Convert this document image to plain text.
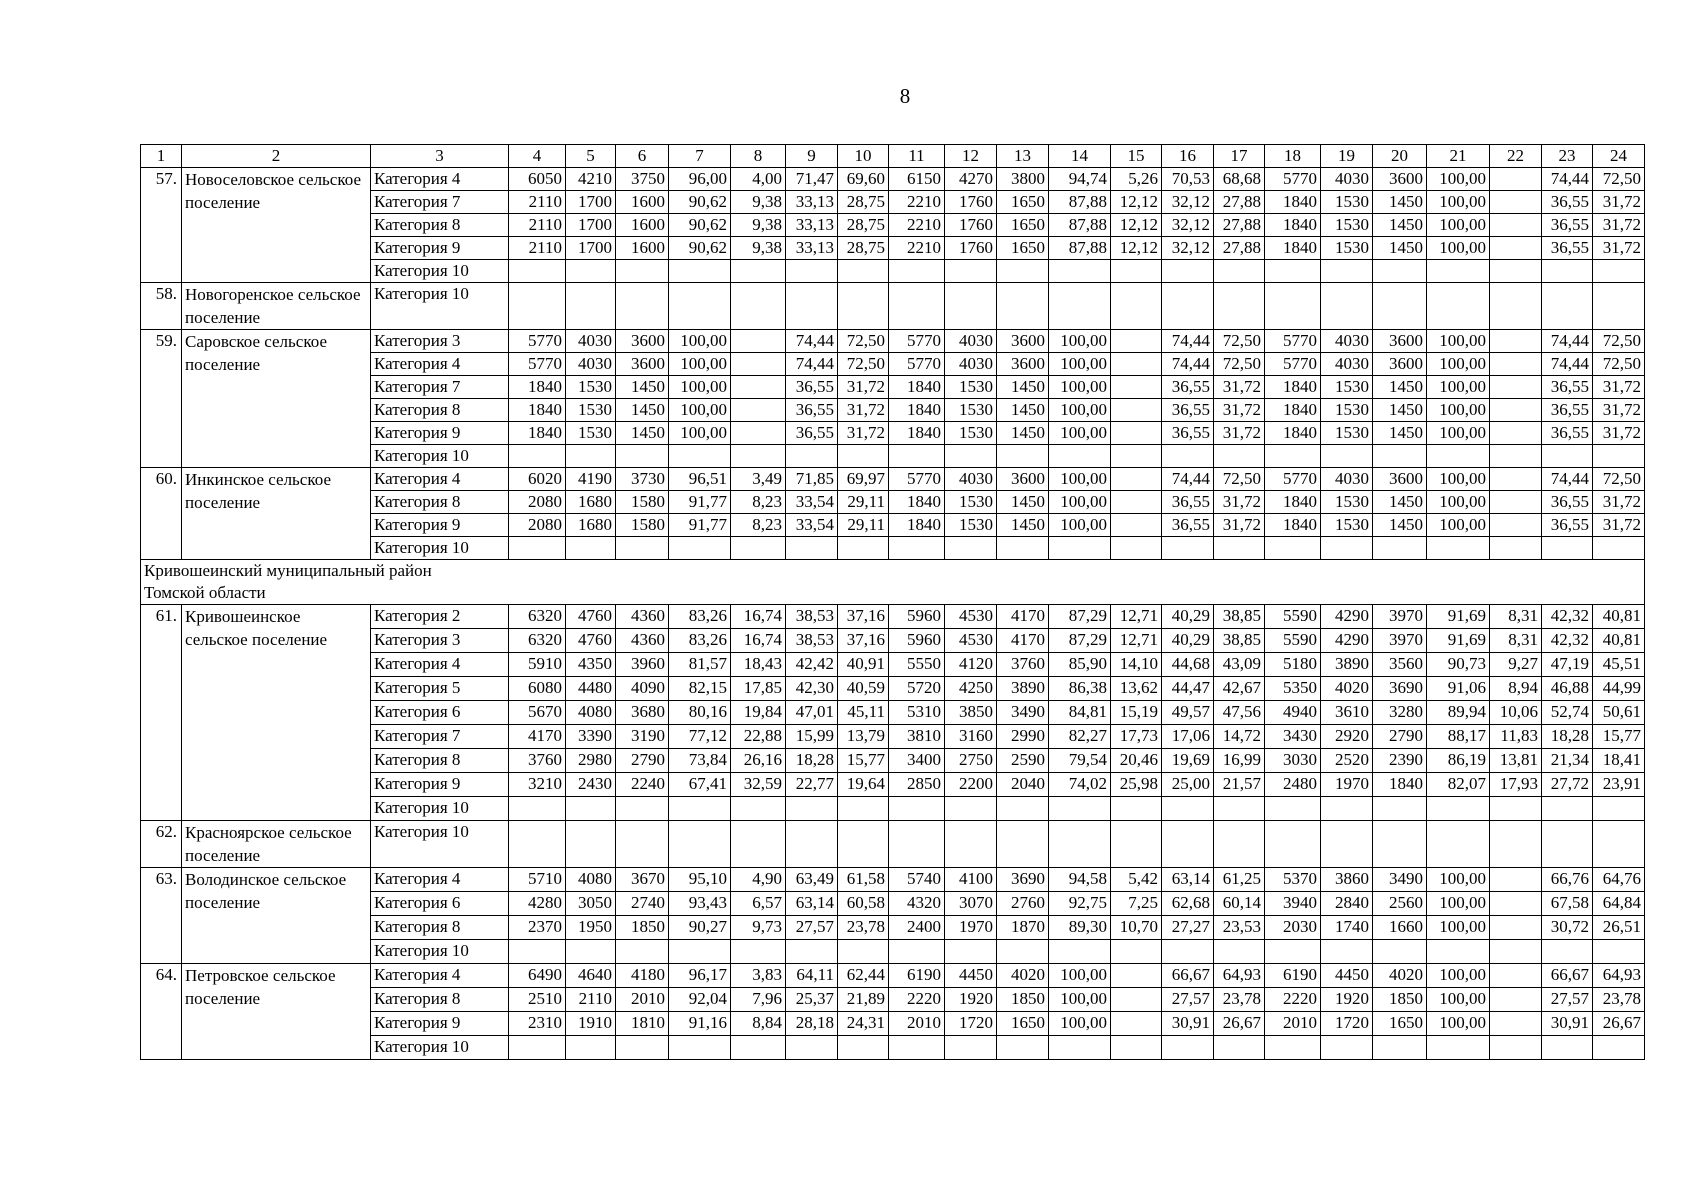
8
1	2	3	4	5	6	7	8	9	10	11	12	13	14	15	16	17	18	19	20	21	22	23	24
57.	Новоселовское сельское поселение	Категория 4	6050	4210	3750	96,00	4,00	71,47	69,60	6150	4270	3800	94,74	5,26	70,53	68,68	5770	4030	3600	100,00		74,44	72,50
		Категория 7	2110	1700	1600	90,62	9,38	33,13	28,75	2210	1760	1650	87,88	12,12	32,12	27,88	1840	1530	1450	100,00		36,55	31,72
		Категория 8	2110	1700	1600	90,62	9,38	33,13	28,75	2210	1760	1650	87,88	12,12	32,12	27,88	1840	1530	1450	100,00		36,55	31,72
		Категория 9	2110	1700	1600	90,62	9,38	33,13	28,75	2210	1760	1650	87,88	12,12	32,12	27,88	1840	1530	1450	100,00		36,55	31,72
		Категория 10																					
58.	Новогоренское сельское поселение	Категория 10																					
59.	Саровское сельское поселение	Категория 3	5770	4030	3600	100,00		74,44	72,50	5770	4030	3600	100,00		74,44	72,50	5770	4030	3600	100,00		74,44	72,50
		Категория 4	5770	4030	3600	100,00		74,44	72,50	5770	4030	3600	100,00		74,44	72,50	5770	4030	3600	100,00		74,44	72,50
		Категория 7	1840	1530	1450	100,00		36,55	31,72	1840	1530	1450	100,00		36,55	31,72	1840	1530	1450	100,00		36,55	31,72
		Категория 8	1840	1530	1450	100,00		36,55	31,72	1840	1530	1450	100,00		36,55	31,72	1840	1530	1450	100,00		36,55	31,72
		Категория 9	1840	1530	1450	100,00		36,55	31,72	1840	1530	1450	100,00		36,55	31,72	1840	1530	1450	100,00		36,55	31,72
		Категория 10																					
60.	Инкинское сельское поселение	Категория 4	6020	4190	3730	96,51	3,49	71,85	69,97	5770	4030	3600	100,00		74,44	72,50	5770	4030	3600	100,00		74,44	72,50
		Категория 8	2080	1680	1580	91,77	8,23	33,54	29,11	1840	1530	1450	100,00		36,55	31,72	1840	1530	1450	100,00		36,55	31,72
		Категория 9	2080	1680	1580	91,77	8,23	33,54	29,11	1840	1530	1450	100,00		36,55	31,72	1840	1530	1450	100,00		36,55	31,72
		Категория 10																					
Кривошеинский муниципальный район Томской области																							
61.	Кривошеинское сельское поселение	Категория 2	6320	4760	4360	83,26	16,74	38,53	37,16	5960	4530	4170	87,29	12,71	40,29	38,85	5590	4290	3970	91,69	8,31	42,32	40,81
		Категория 3	6320	4760	4360	83,26	16,74	38,53	37,16	5960	4530	4170	87,29	12,71	40,29	38,85	5590	4290	3970	91,69	8,31	42,32	40,81
		Категория 4	5910	4350	3960	81,57	18,43	42,42	40,91	5550	4120	3760	85,90	14,10	44,68	43,09	5180	3890	3560	90,73	9,27	47,19	45,51
		Категория 5	6080	4480	4090	82,15	17,85	42,30	40,59	5720	4250	3890	86,38	13,62	44,47	42,67	5350	4020	3690	91,06	8,94	46,88	44,99
		Категория 6	5670	4080	3680	80,16	19,84	47,01	45,11	5310	3850	3490	84,81	15,19	49,57	47,56	4940	3610	3280	89,94	10,06	52,74	50,61
		Категория 7	4170	3390	3190	77,12	22,88	15,99	13,79	3810	3160	2990	82,27	17,73	17,06	14,72	3430	2920	2790	88,17	11,83	18,28	15,77
		Категория 8	3760	2980	2790	73,84	26,16	18,28	15,77	3400	2750	2590	79,54	20,46	19,69	16,99	3030	2520	2390	86,19	13,81	21,34	18,41
		Категория 9	3210	2430	2240	67,41	32,59	22,77	19,64	2850	2200	2040	74,02	25,98	25,00	21,57	2480	1970	1840	82,07	17,93	27,72	23,91
		Категория 10																					
62.	Красноярское сельское поселение	Категория 10																					
63.	Володинское сельское поселение	Категория 4	5710	4080	3670	95,10	4,90	63,49	61,58	5740	4100	3690	94,58	5,42	63,14	61,25	5370	3860	3490	100,00		66,76	64,76
		Категория 6	4280	3050	2740	93,43	6,57	63,14	60,58	4320	3070	2760	92,75	7,25	62,68	60,14	3940	2840	2560	100,00		67,58	64,84
		Категория 8	2370	1950	1850	90,27	9,73	27,57	23,78	2400	1970	1870	89,30	10,70	27,27	23,53	2030	1740	1660	100,00		30,72	26,51
		Категория 10																					
64.	Петровское сельское поселение	Категория 4	6490	4640	4180	96,17	3,83	64,11	62,44	6190	4450	4020	100,00		66,67	64,93	6190	4450	4020	100,00		66,67	64,93
		Категория 8	2510	2110	2010	92,04	7,96	25,37	21,89	2220	1920	1850	100,00		27,57	23,78	2220	1920	1850	100,00		27,57	23,78
		Категория 9	2310	1910	1810	91,16	8,84	28,18	24,31	2010	1720	1650	100,00		30,91	26,67	2010	1720	1650	100,00		30,91	26,67
		Категория 10																					
